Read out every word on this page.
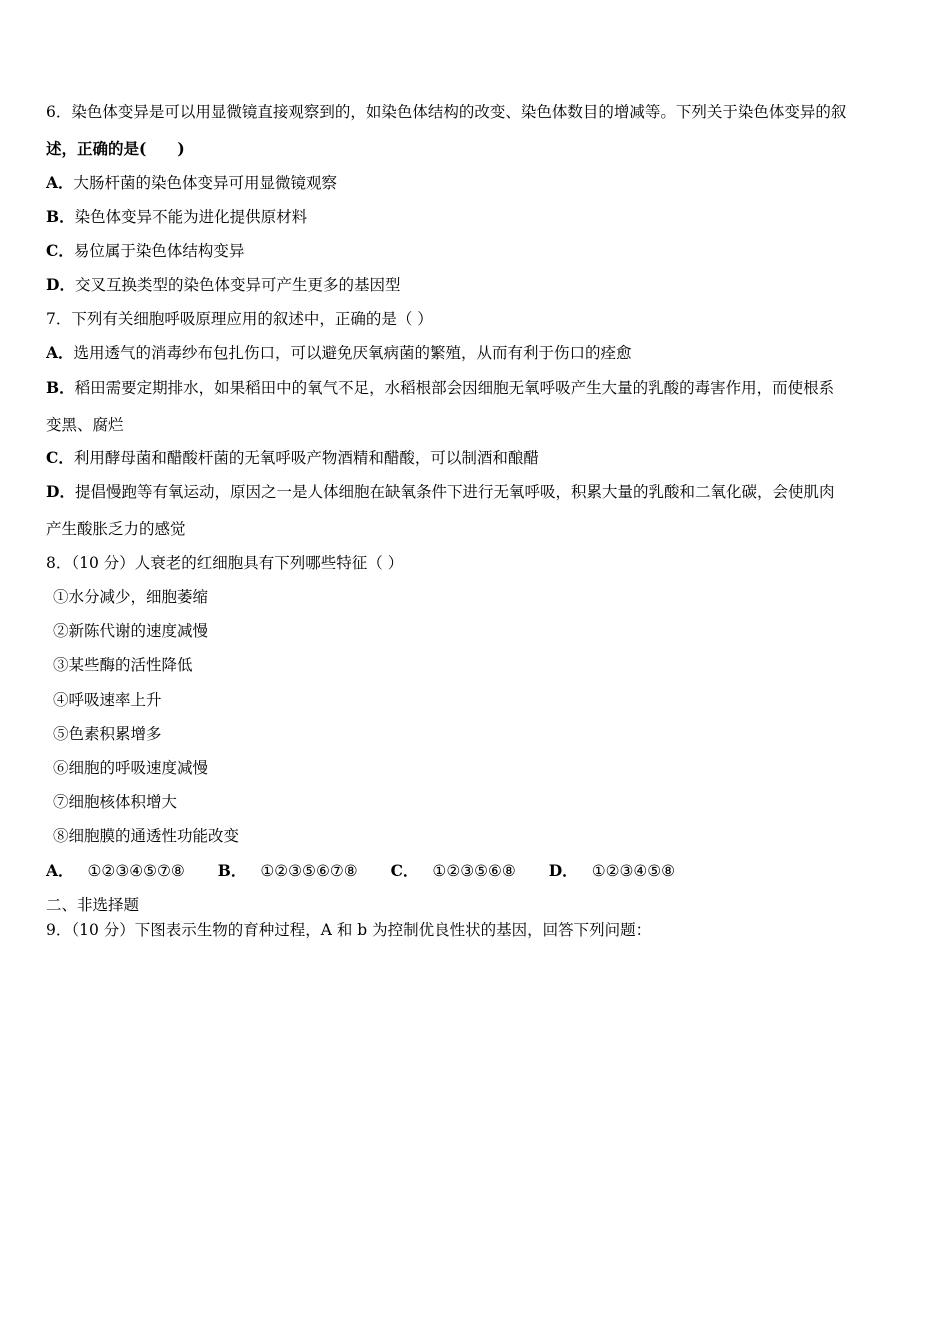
6．染色体变异是可以用显微镜直接观察到的，如染色体结构的改变、染色体数目的增减等。下列关于染色体变异的叙
述，正确的是(　　)
A．大肠杆菌的染色体变异可用显微镜观察
B．染色体变异不能为进化提供原材料
C．易位属于染色体结构变异
D．交叉互换类型的染色体变异可产生更多的基因型
7．下列有关细胞呼吸原理应用的叙述中，正确的是（ ）
A．选用透气的消毒纱布包扎伤口，可以避免厌氧病菌的繁殖，从而有利于伤口的痊愈
B．稻田需要定期排水，如果稻田中的氧气不足，水稻根部会因细胞无氧呼吸产生大量的乳酸的毒害作用，而使根系
变黑、腐烂
C．利用酵母菌和醋酸杆菌的无氧呼吸产物酒精和醋酸，可以制酒和酿醋
D．提倡慢跑等有氧运动，原因之一是人体细胞在缺氧条件下进行无氧呼吸，积累大量的乳酸和二氧化碳，会使肌肉
产生酸胀乏力的感觉
8．（10 分）人衰老的红细胞具有下列哪些特征（ ）
①水分减少，细胞萎缩
②新陈代谢的速度减慢
③某些酶的活性降低
④呼吸速率上升
⑤色素积累增多
⑥细胞的呼吸速度减慢
⑦细胞核体积增大
⑧细胞膜的通透性功能改变
A． ①②③④⑤⑦⑧ B． ①②③⑤⑥⑦⑧ C． ①②③⑤⑥⑧ D． ①②③④⑤⑧
二、非选择题
9．（10 分）下图表示生物的育种过程，A 和 b 为控制优良性状的基因，回答下列问题：
